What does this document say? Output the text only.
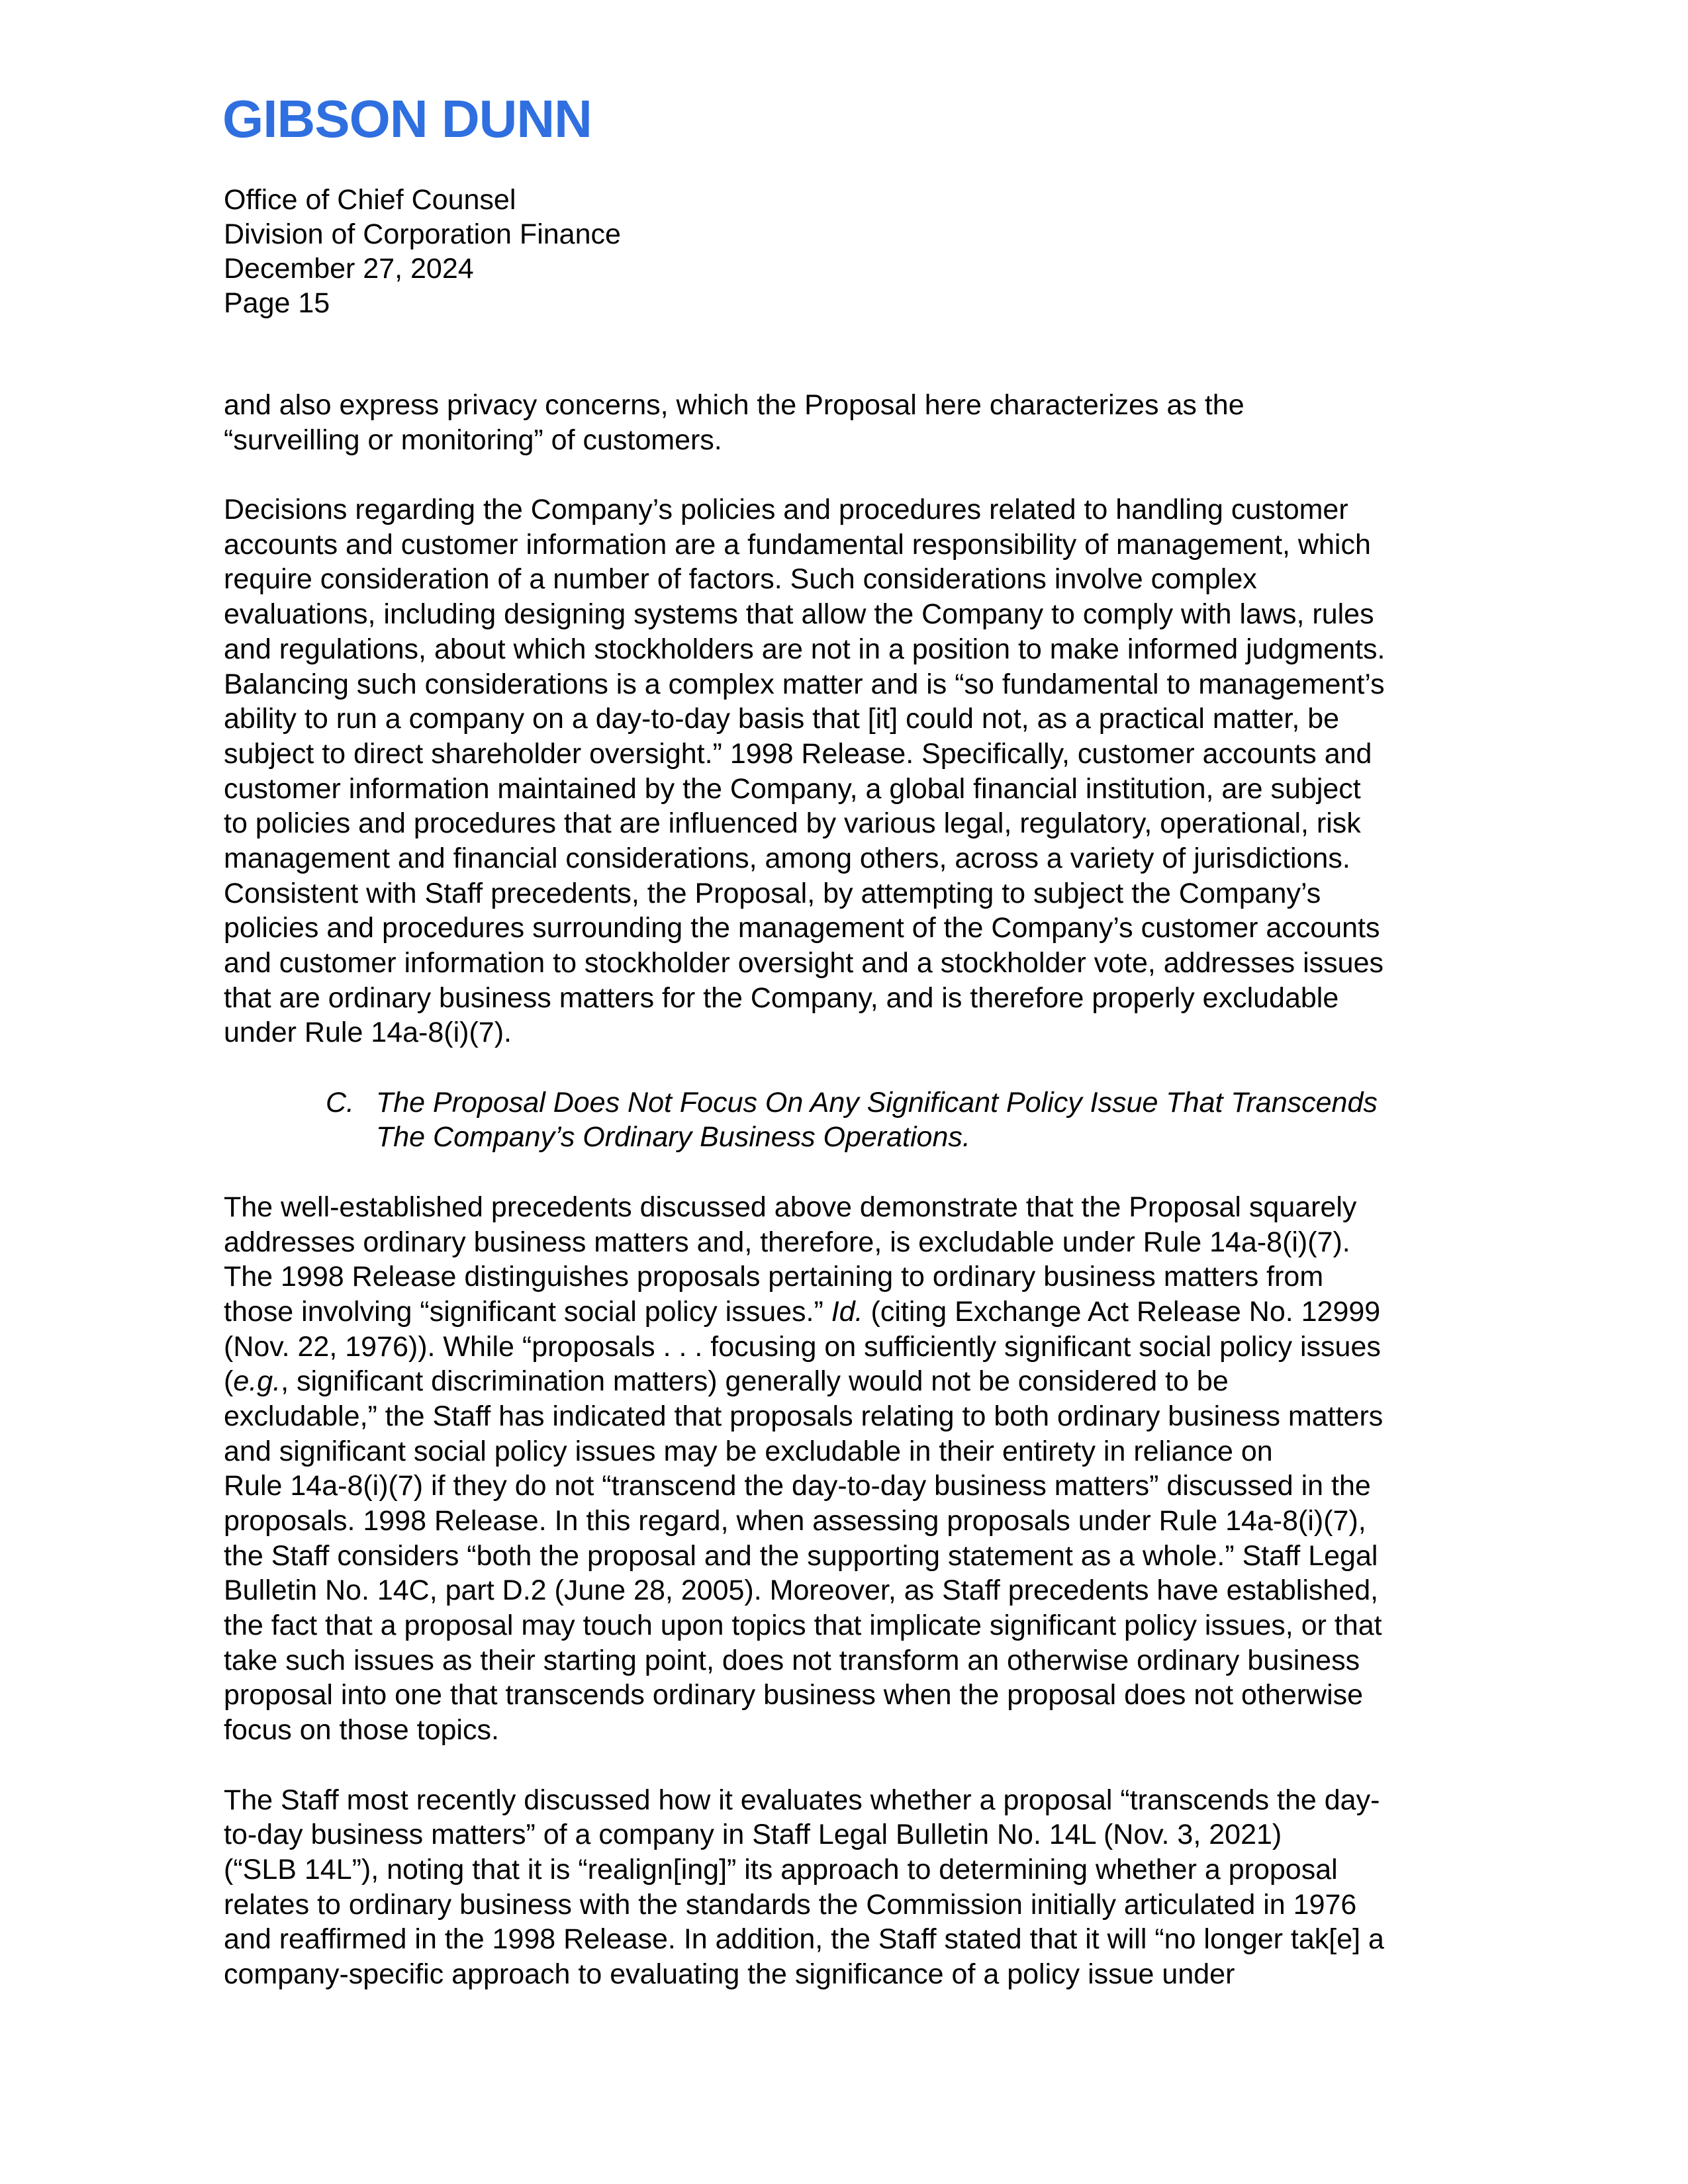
GIBSON DUNN
Office of Chief Counsel
Division of Corporation Finance
December 27, 2024
Page 15
and also express privacy concerns, which the Proposal here characterizes as the
“surveilling or monitoring” of customers.
Decisions regarding the Company’s policies and procedures related to handling customer
accounts and customer information are a fundamental responsibility of management, which
require consideration of a number of factors. Such considerations involve complex
evaluations, including designing systems that allow the Company to comply with laws, rules
and regulations, about which stockholders are not in a position to make informed judgments.
Balancing such considerations is a complex matter and is “so fundamental to management’s
ability to run a company on a day-to-day basis that [it] could not, as a practical matter, be
subject to direct shareholder oversight.” 1998 Release. Specifically, customer accounts and
customer information maintained by the Company, a global financial institution, are subject
to policies and procedures that are influenced by various legal, regulatory, operational, risk
management and financial considerations, among others, across a variety of jurisdictions.
Consistent with Staff precedents, the Proposal, by attempting to subject the Company’s
policies and procedures surrounding the management of the Company’s customer accounts
and customer information to stockholder oversight and a stockholder vote, addresses issues
that are ordinary business matters for the Company, and is therefore properly excludable
under Rule 14a-8(i)(7).
C. The Proposal Does Not Focus On Any Significant Policy Issue That Transcends
The Company’s Ordinary Business Operations.
The well-established precedents discussed above demonstrate that the Proposal squarely
addresses ordinary business matters and, therefore, is excludable under Rule 14a-8(i)(7).
The 1998 Release distinguishes proposals pertaining to ordinary business matters from
those involving “significant social policy issues.” Id. (citing Exchange Act Release No. 12999
(Nov. 22, 1976)). While “proposals . . . focusing on sufficiently significant social policy issues
(e.g., significant discrimination matters) generally would not be considered to be
excludable,” the Staff has indicated that proposals relating to both ordinary business matters
and significant social policy issues may be excludable in their entirety in reliance on
Rule 14a-8(i)(7) if they do not “transcend the day-to-day business matters” discussed in the
proposals. 1998 Release. In this regard, when assessing proposals under Rule 14a-8(i)(7),
the Staff considers “both the proposal and the supporting statement as a whole.” Staff Legal
Bulletin No. 14C, part D.2 (June 28, 2005). Moreover, as Staff precedents have established,
the fact that a proposal may touch upon topics that implicate significant policy issues, or that
take such issues as their starting point, does not transform an otherwise ordinary business
proposal into one that transcends ordinary business when the proposal does not otherwise
focus on those topics.
The Staff most recently discussed how it evaluates whether a proposal “transcends the day-
to-day business matters” of a company in Staff Legal Bulletin No. 14L (Nov. 3, 2021)
(“SLB 14L”), noting that it is “realign[ing]” its approach to determining whether a proposal
relates to ordinary business with the standards the Commission initially articulated in 1976
and reaffirmed in the 1998 Release. In addition, the Staff stated that it will “no longer tak[e] a
company-specific approach to evaluating the significance of a policy issue under
